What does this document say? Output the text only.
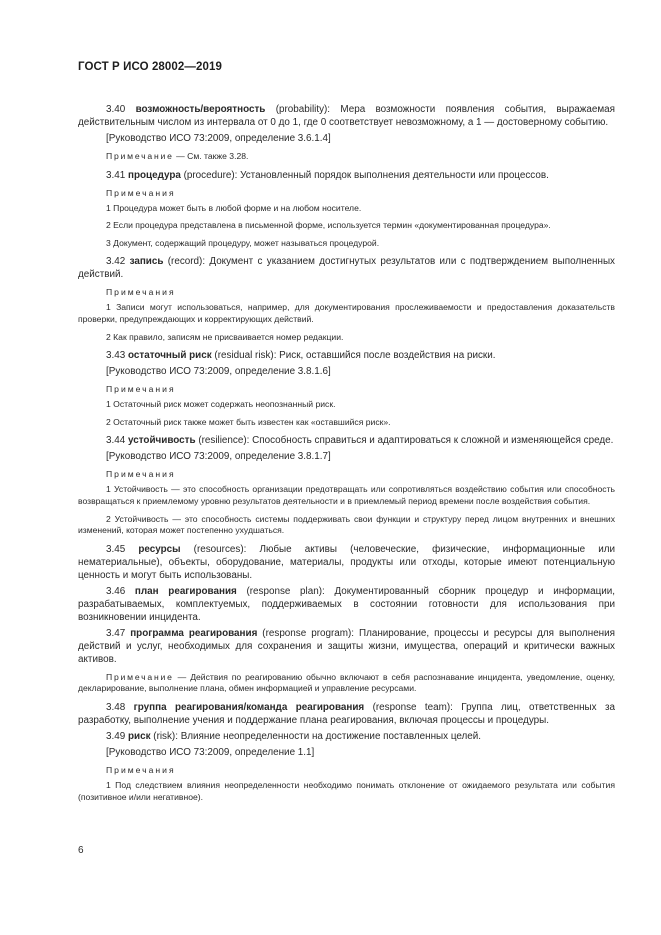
ГОСТ Р ИСО 28002—2019

3.40 возможность/вероятность (probability): Мера возможности появления события, выражаемая действительным числом из интервала от 0 до 1, где 0 соответствует невозможному, а 1 — достоверному событию.

[Руководство ИСО 73:2009, определение 3.6.1.4]
Примечание — См. также 3.28.

3.41 процедура (procedure): Установленный порядок выполнения деятельности или процессов.

Примечания

1 Процедура может быть в любой форме и на любом носителе.

2 Если процедура представлена в письменной форме, используется термин «документированная процедура».

3 Документ, содержащий процедуру, может называться процедурой.

3.42 запись (record): Документ с указанием достигнутых результатов или с подтверждением выполненных действий.

Примечания

1 Записи могут использоваться, например, для документирования прослеживаемости и предоставления доказательств проверки, предупреждающих и корректирующих действий.

2 Как правило, записям не присваивается номер редакции.

3.43 остаточный риск (residual risk): Риск, оставшийся после воздействия на риски.

[Руководство ИСО 73:2009, определение 3.8.1.6]
Примечания

1 Остаточный риск может содержать неопознанный риск.

2 Остаточный риск также может быть известен как «оставшийся риск».

3.44 устойчивость (resilience): Способность справиться и адаптироваться к сложной и изменяющейся среде.

[Руководство ИСО 73:2009, определение 3.8.1.7]
Примечания

1 Устойчивость — это способность организации предотвращать или сопротивляться воздействию события или способность возвращаться к приемлемому уровню результатов деятельности и в приемлемый период времени после воздействия события.

2 Устойчивость — это способность системы поддерживать свои функции и структуру перед лицом внутренних и внешних изменений, которая может постепенно ухудшаться.

3.45 ресурсы (resources): Любые активы (человеческие, физические, информационные или нематериальные), объекты, оборудование, материалы, продукты или отходы, которые имеют потенциальную ценность и могут быть использованы.

3.46 план реагирования (response plan): Документированный сборник процедур и информации, разрабатываемых, комплектуемых, поддерживаемых в состоянии готовности для использования при возникновении инцидента.

3.47 программа реагирования (response program): Планирование, процессы и ресурсы для выполнения действий и услуг, необходимых для сохранения и защиты жизни, имущества, операций и критически важных активов.

Примечание — Действия по реагированию обычно включают в себя распознавание инцидента, уведомление, оценку, декларирование, выполнение плана, обмен информацией и управление ресурсами.

3.48 группа реагирования/команда реагирования (response team): Группа лиц, ответственных за разработку, выполнение учения и поддержание плана реагирования, включая процессы и процедуры.

3.49 риск (risk): Влияние неопределенности на достижение поставленных целей.

[Руководство ИСО 73:2009, определение 1.1]
Примечания

1 Под следствием влияния неопределенности необходимо понимать отклонение от ожидаемого результата или события (позитивное и/или негативное).

6
